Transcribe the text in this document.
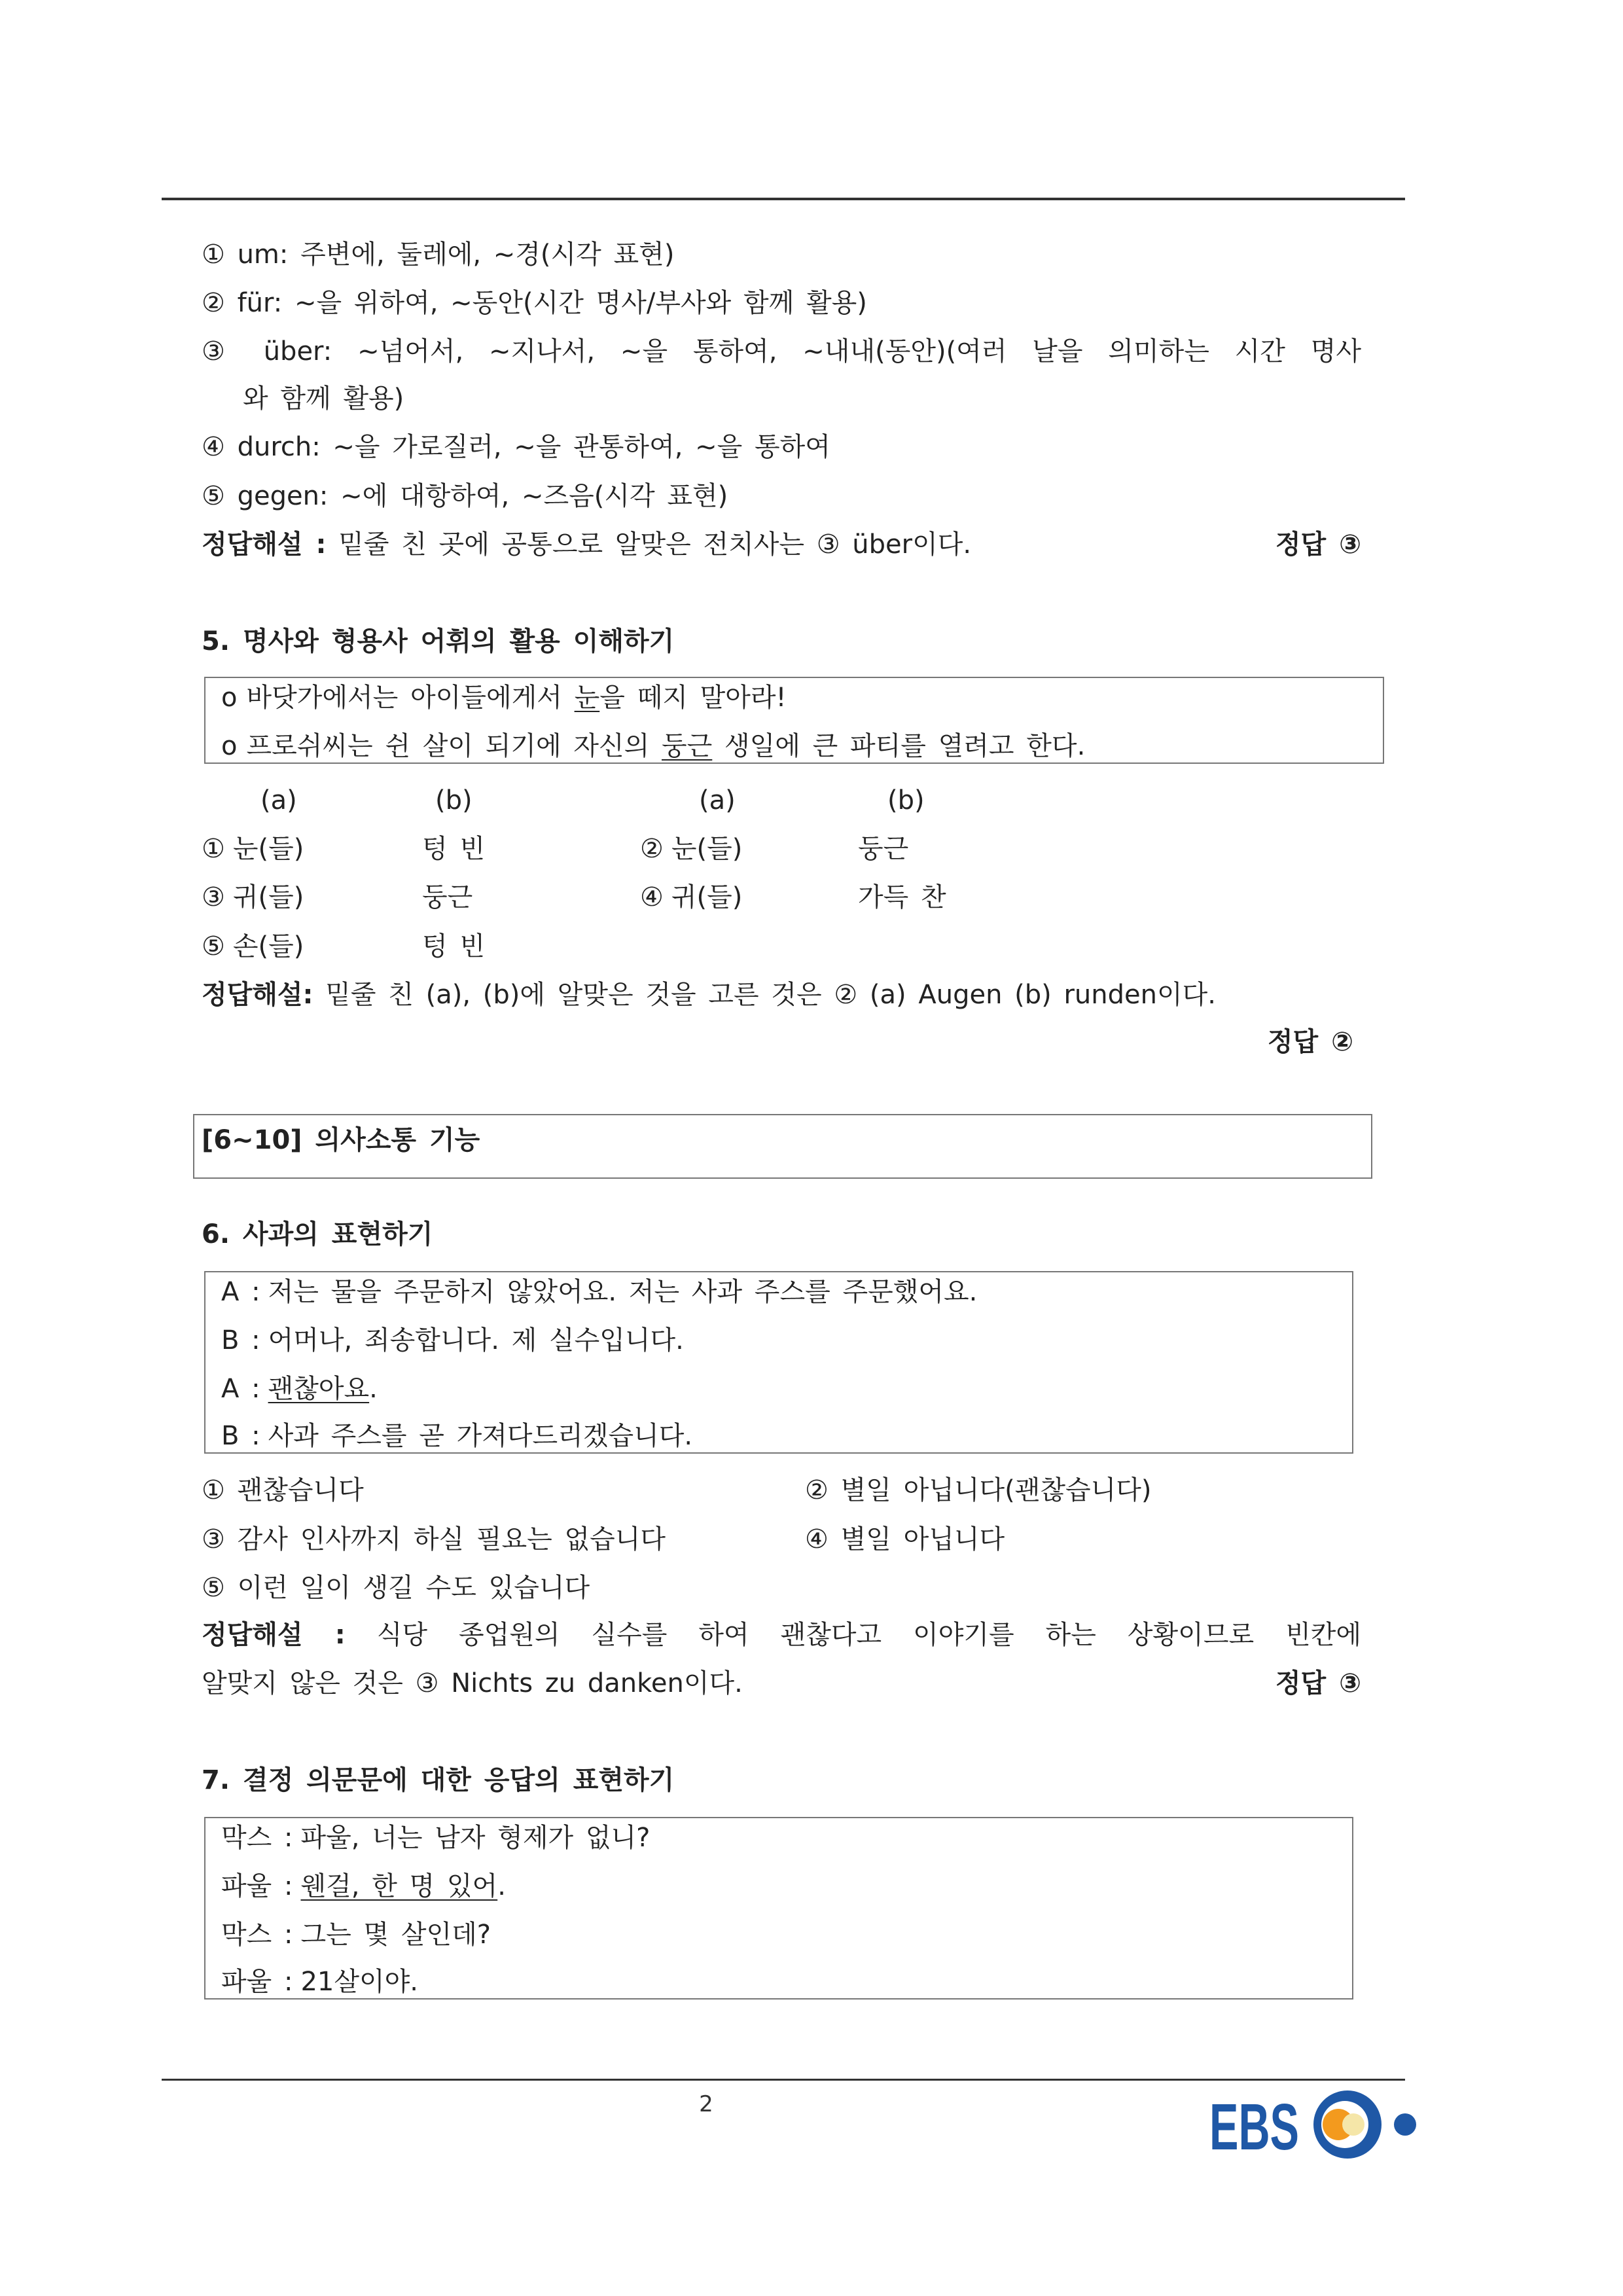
① um: 주변에, 둘레에, ~경(시각 표현)
② für: ~을 위하여, ~동안(시간 명사/부사와 함께 활용)
③ über: ~넘어서, ~지나서, ~을 통하여, ~내내(동안)(여러 날을 의미하는 시간 명사
와 함께 활용)
④ durch: ~을 가로질러, ~을 관통하여, ~을 통하여
⑤ gegen: ~에 대항하여, ~즈음(시각 표현)
정답해설 : 밑줄 친 곳에 공통으로 알맞은 전치사는 ③ über이다.	정답 ③
5. 명사와 형용사 어휘의 활용 이해하기
o 바닷가에서는 아이들에게서 눈을 떼지 말아라!
o 프로쉬씨는 쉰 살이 되기에 자신의 둥근 생일에 큰 파티를 열려고 한다.
(a)	(b)	(a)	(b)
① 눈(들)	텅 빈	② 눈(들)	둥근
③ 귀(들)	둥근	④ 귀(들)	가득 찬
⑤ 손(들)	텅 빈
정답해설: 밑줄 친 (a), (b)에 알맞은 것을 고른 것은 ② (a) Augen (b) runden이다.
정답 ②
[6~10] 의사소통 기능
6. 사과의 표현하기
A : 저는 물을 주문하지 않았어요. 저는 사과 주스를 주문했어요.
B : 어머나, 죄송합니다. 제 실수입니다.
A : 괜찮아요.
B : 사과 주스를 곧 가져다드리겠습니다.
① 괜찮습니다	② 별일 아닙니다(괜찮습니다)
③ 감사 인사까지 하실 필요는 없습니다	④ 별일 아닙니다
⑤ 이런 일이 생길 수도 있습니다
정답해설 : 식당 종업원의 실수를 하여 괜찮다고 이야기를 하는 상황이므로 빈칸에
알맞지 않은 것은 ③ Nichts zu danken이다.	정답 ③
7. 결정 의문문에 대한 응답의 표현하기
막스 : 파울, 너는 남자 형제가 없니?
파울 : 웬걸, 한 명 있어.
막스 : 그는 몇 살인데?
파울 : 21살이야.
2	EBS
